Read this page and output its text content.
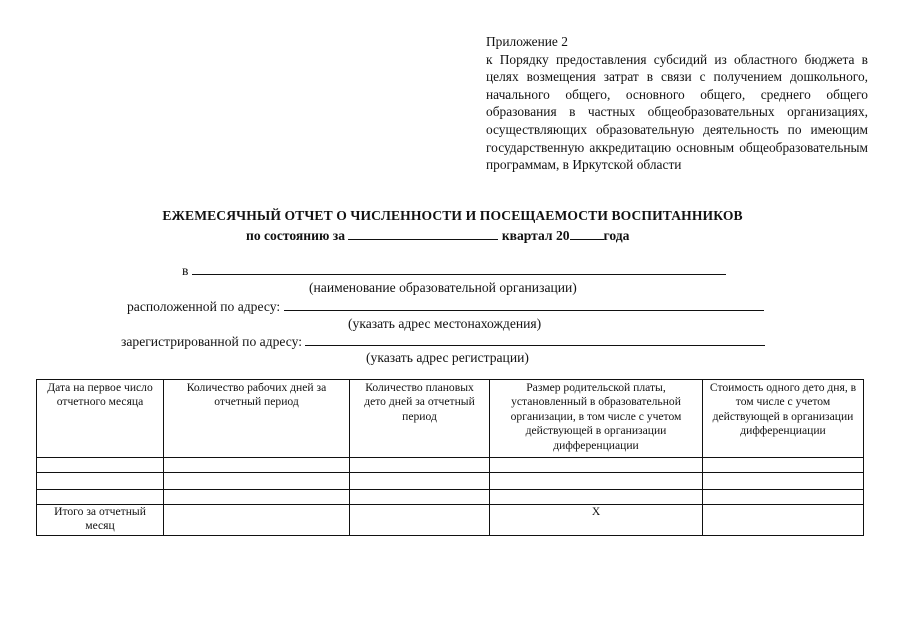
Приложение 2
к Порядку предоставления субсидий из областного бюджета в целях возмещения затрат в связи с получением дошкольного, начального общего, основного общего, среднего общего образования в частных общеобразовательных организациях, осуществляющих образовательную деятельность по имеющим государственную аккредитацию основным общеобразовательным программам, в Иркутской области
ЕЖЕМЕСЯЧНЫЙ ОТЧЕТ О ЧИСЛЕННОСТИ И ПОСЕЩАЕМОСТИ ВОСПИТАННИКОВ
по состоянию за	квартал 20	года
в
(наименование образовательной организации)
расположенной по адресу:
(указать адрес местонахождения)
зарегистрированной по адресу:
(указать адрес регистрации)
Дата на первое число отчетного месяца	Количество рабочих дней за отчетный период	Количество плановых дето дней за отчетный период	Размер родительской платы, установленный в образовательной организации, в том числе с учетом действующей в организации дифференциации	Стоимость одного дето дня, в том числе с учетом действующей в организации дифференциации

Итого за отчетный месяц			Х	
